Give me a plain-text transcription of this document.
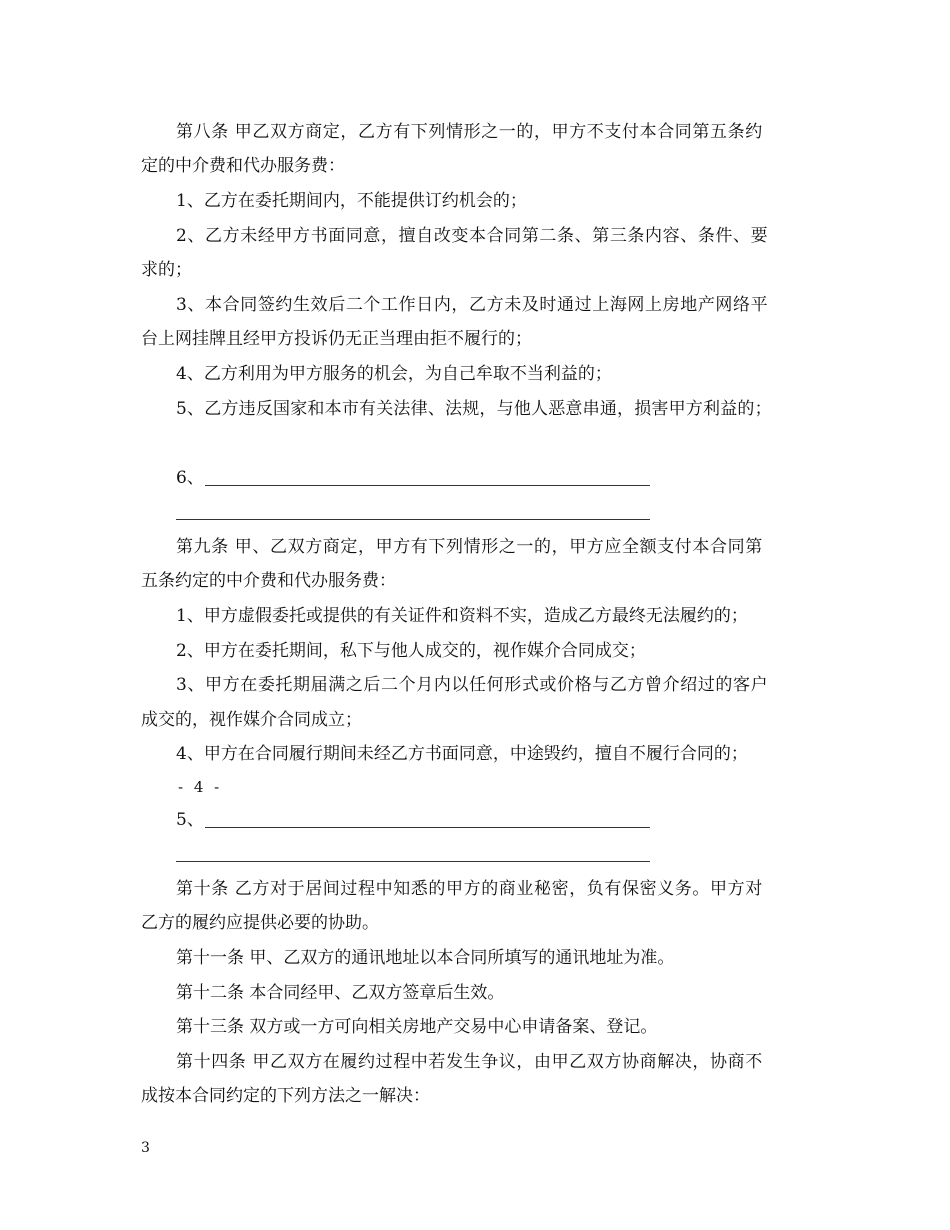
第八条 甲乙双方商定，乙方有下列情形之一的，甲方不支付本合同第五条约
定的中介费和代办服务费：
1、乙方在委托期间内，不能提供订约机会的；
2、乙方未经甲方书面同意，擅自改变本合同第二条、第三条内容、条件、要
求的；
3、本合同签约生效后二个工作日内，乙方未及时通过上海网上房地产网络平
台上网挂牌且经甲方投诉仍无正当理由拒不履行的；
4、乙方利用为甲方服务的机会，为自己牟取不当利益的；
5、乙方违反国家和本市有关法律、法规，与他人恶意串通，损害甲方利益的；
6、
第九条 甲、乙双方商定，甲方有下列情形之一的，甲方应全额支付本合同第
五条约定的中介费和代办服务费：
1、甲方虚假委托或提供的有关证件和资料不实，造成乙方最终无法履约的；
2、甲方在委托期间，私下与他人成交的，视作媒介合同成交；
3、甲方在委托期届满之后二个月内以任何形式或价格与乙方曾介绍过的客户
成交的，视作媒介合同成立；
4、甲方在合同履行期间未经乙方书面同意，中途毁约，擅自不履行合同的；
- 4 -
5、
第十条 乙方对于居间过程中知悉的甲方的商业秘密，负有保密义务。甲方对
乙方的履约应提供必要的协助。
第十一条 甲、乙双方的通讯地址以本合同所填写的通讯地址为准。
第十二条 本合同经甲、乙双方签章后生效。
第十三条 双方或一方可向相关房地产交易中心申请备案、登记。
第十四条 甲乙双方在履约过程中若发生争议，由甲乙双方协商解决，协商不
成按本合同约定的下列方法之一解决：
3
